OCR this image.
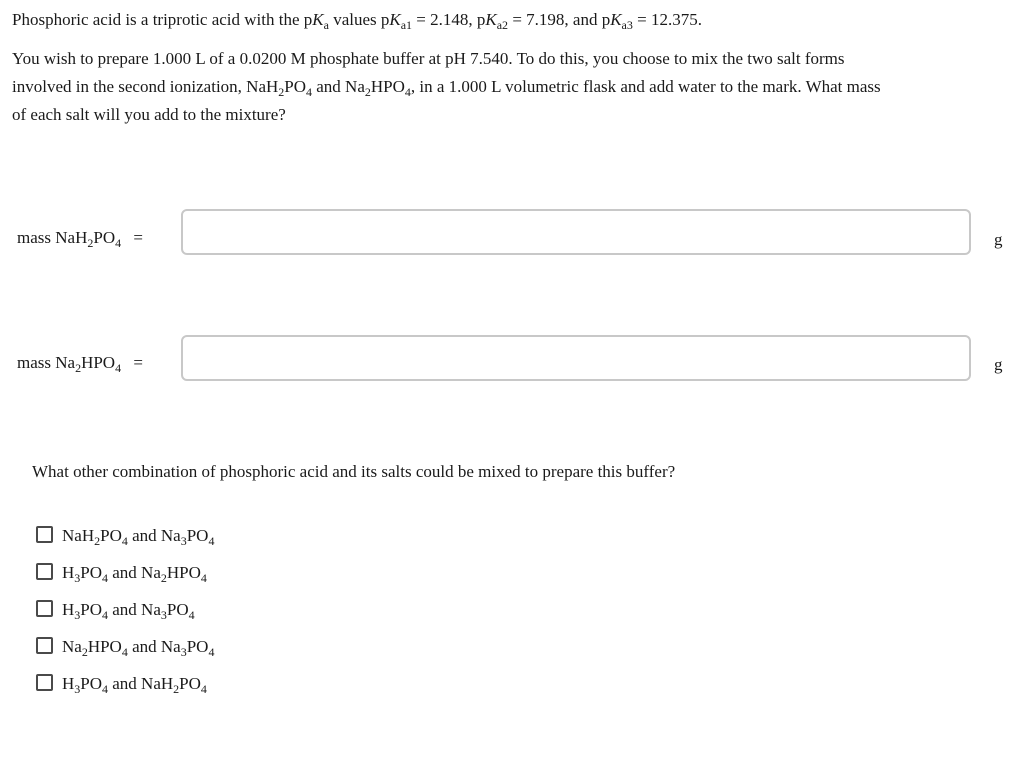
Phosphoric acid is a triprotic acid with the $pK_a$ values $pK_{a1} = 2.148$, $pK_{a2} = 7.198$, and $pK_{a3} = 12.375$.
You wish to prepare 1.000 L of a 0.0200 M phosphate buffer at pH 7.540. To do this, you choose to mix the two salt forms
involved in the second ionization, $NaH_2PO_4$ and $Na_2HPO_4$, in a 1.000 L volumetric flask and add water to the mark. What mass
of each salt will you add to the mixture?
mass $NaH_2PO_4$ =	g
mass $Na_2HPO_4$ =	g
What other combination of phosphoric acid and its salts could be mixed to prepare this buffer?
$NaH_2PO_4$ and $Na_3PO_4$
$H_3PO_4$ and $Na_2HPO_4$
$H_3PO_4$ and $Na_3PO_4$
$Na_2HPO_4$ and $Na_3PO_4$
$H_3PO_4$ and $NaH_2PO_4$
